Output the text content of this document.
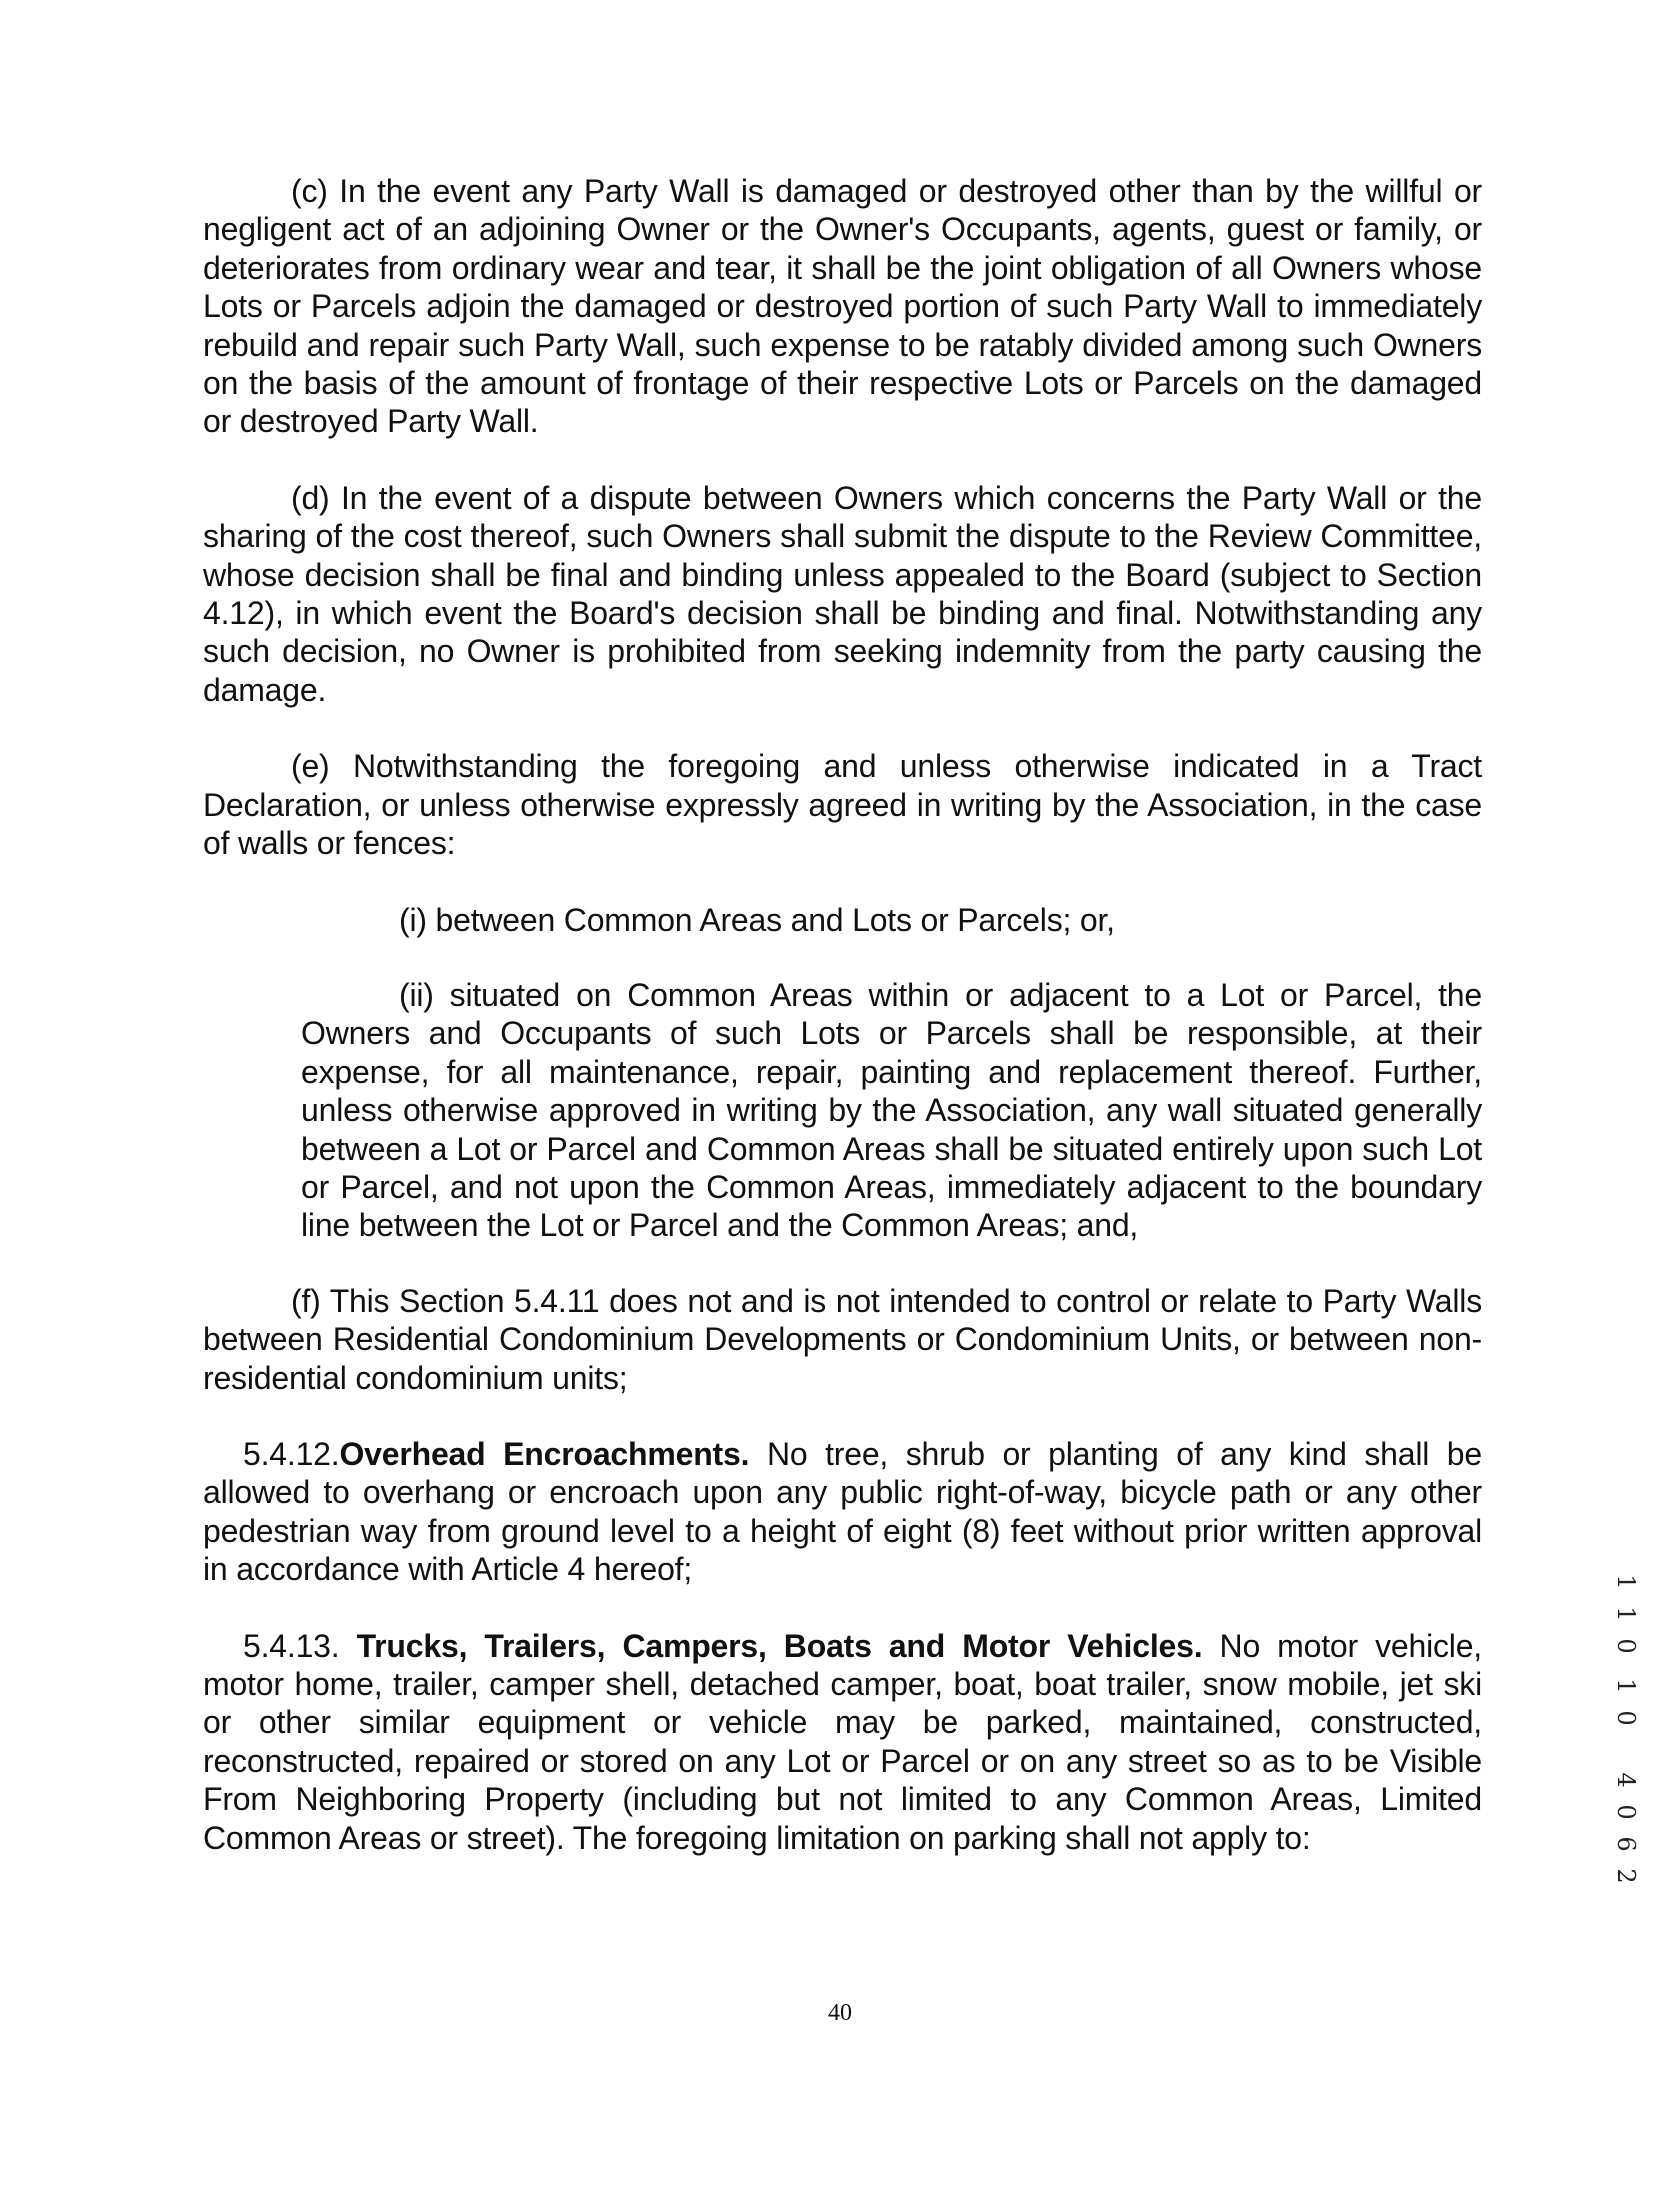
(c) In the event any Party Wall is damaged or destroyed other than by the willful or negligent act of an adjoining Owner or the Owner's Occupants, agents, guest or family, or deteriorates from ordinary wear and tear, it shall be the joint obligation of all Owners whose Lots or Parcels adjoin the damaged or destroyed portion of such Party Wall to immediately rebuild and repair such Party Wall, such expense to be ratably divided among such Owners on the basis of the amount of frontage of their respective Lots or Parcels on the damaged or destroyed Party Wall.

(d) In the event of a dispute between Owners which concerns the Party Wall or the sharing of the cost thereof, such Owners shall submit the dispute to the Review Committee, whose decision shall be final and binding unless appealed to the Board (subject to Section 4.12), in which event the Board's decision shall be binding and final. Notwithstanding any such decision, no Owner is prohibited from seeking indemnity from the party causing the damage.

(e) Notwithstanding the foregoing and unless otherwise indicated in a Tract Declaration, or unless otherwise expressly agreed in writing by the Association, in the case of walls or fences:

(i) between Common Areas and Lots or Parcels; or,

(ii) situated on Common Areas within or adjacent to a Lot or Parcel, the Owners and Occupants of such Lots or Parcels shall be responsible, at their expense, for all maintenance, repair, painting and replacement thereof. Further, unless otherwise approved in writing by the Association, any wall situated generally between a Lot or Parcel and Common Areas shall be situated entirely upon such Lot or Parcel, and not upon the Common Areas, immediately adjacent to the boundary line between the Lot or Parcel and the Common Areas; and,

(f) This Section 5.4.11 does not and is not intended to control or relate to Party Walls between Residential Condominium Developments or Condominium Units, or between non-residential condominium units;

5.4.12.Overhead Encroachments. No tree, shrub or planting of any kind shall be allowed to overhang or encroach upon any public right-of-way, bicycle path or any other pedestrian way from ground level to a height of eight (8) feet without prior written approval in accordance with Article 4 hereof;

5.4.13. Trucks, Trailers, Campers, Boats and Motor Vehicles. No motor vehicle, motor home, trailer, camper shell, detached camper, boat, boat trailer, snow mobile, jet ski or other similar equipment or vehicle may be parked, maintained, constructed, reconstructed, repaired or stored on any Lot or Parcel or on any street so as to be Visible From Neighboring Property (including but not limited to any Common Areas, Limited Common Areas or street). The foregoing limitation on parking shall not apply to:

1
1
0
1
0
4
0
6
2
40
